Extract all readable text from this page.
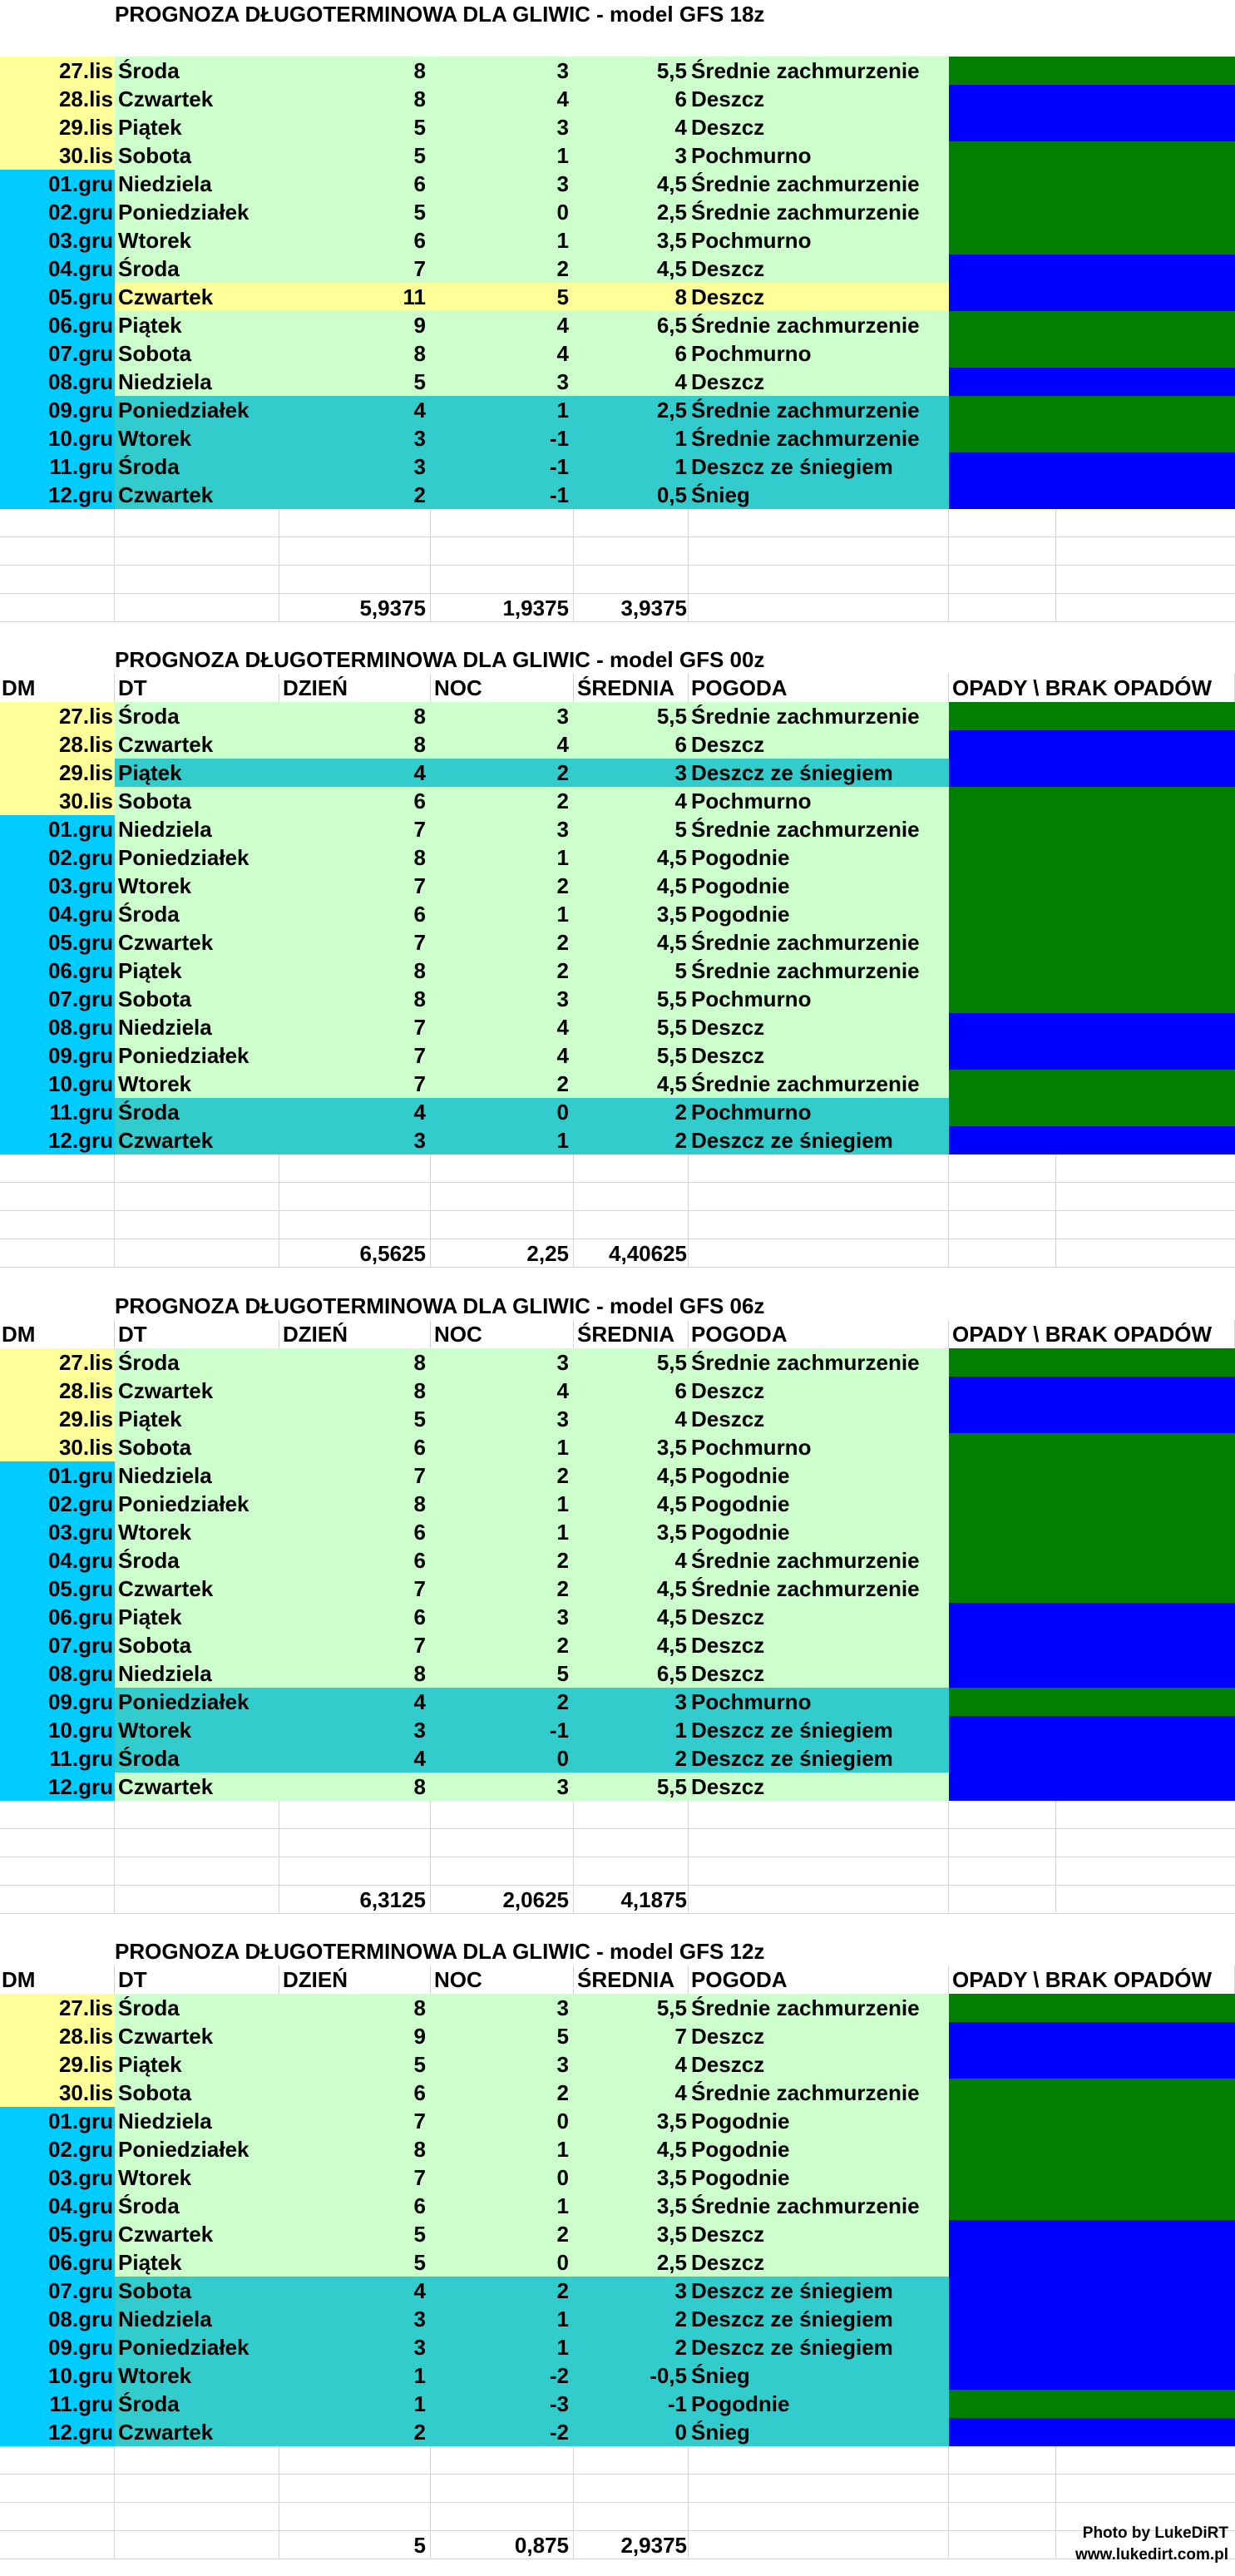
PROGNOZA DŁUGOTERMINOWA DLA GLIWIC - model GFS 18z
27.lis Środa	8	3	5,5 Średnie zachmurzenie
28.lis Czwartek	8	4	6 Deszcz
29.lis Piątek	5	3	4 Deszcz
30.lis Sobota	5	1	3 Pochmurno
01.gru Niedziela	6	3	4,5 Średnie zachmurzenie
02.gru Poniedziałek	5	0	2,5 Średnie zachmurzenie
03.gru Wtorek	6	1	3,5 Pochmurno
04.gru Środa	7	2	4,5 Deszcz
05.gru Czwartek	11	5	8 Deszcz
06.gru Piątek	9	4	6,5 Średnie zachmurzenie
07.gru Sobota	8	4	6 Pochmurno
08.gru Niedziela	5	3	4 Deszcz
09.gru Poniedziałek	4	1	2,5 Średnie zachmurzenie
10.gru Wtorek	3	-1	1 Średnie zachmurzenie
11.gru Środa	3	-1	1 Deszcz ze śniegiem
12.gru Czwartek	2	-1	0,5 Śnieg
5,9375	1,9375	3,9375
PROGNOZA DŁUGOTERMINOWA DLA GLIWIC - model GFS 00z
DM	DT	DZIEŃ	NOC	ŚREDNIA POGODA	OPADY \ BRAK OPADÓW
27.lis Środa	8	3	5,5 Średnie zachmurzenie
28.lis Czwartek	8	4	6 Deszcz
29.lis Piątek	4	2	3 Deszcz ze śniegiem
30.lis Sobota	6	2	4 Pochmurno
01.gru Niedziela	7	3	5 Średnie zachmurzenie
02.gru Poniedziałek	8	1	4,5 Pogodnie
03.gru Wtorek	7	2	4,5 Pogodnie
04.gru Środa	6	1	3,5 Pogodnie
05.gru Czwartek	7	2	4,5 Średnie zachmurzenie
06.gru Piątek	8	2	5 Średnie zachmurzenie
07.gru Sobota	8	3	5,5 Pochmurno
08.gru Niedziela	7	4	5,5 Deszcz
09.gru Poniedziałek	7	4	5,5 Deszcz
10.gru Wtorek	7	2	4,5 Średnie zachmurzenie
11.gru Środa	4	0	2 Pochmurno
12.gru Czwartek	3	1	2 Deszcz ze śniegiem
6,5625	2,25	4,40625
PROGNOZA DŁUGOTERMINOWA DLA GLIWIC - model GFS 06z
DM	DT	DZIEŃ	NOC	ŚREDNIA POGODA	OPADY \ BRAK OPADÓW
27.lis Środa	8	3	5,5 Średnie zachmurzenie
28.lis Czwartek	8	4	6 Deszcz
29.lis Piątek	5	3	4 Deszcz
30.lis Sobota	6	1	3,5 Pochmurno
01.gru Niedziela	7	2	4,5 Pogodnie
02.gru Poniedziałek	8	1	4,5 Pogodnie
03.gru Wtorek	6	1	3,5 Pogodnie
04.gru Środa	6	2	4 Średnie zachmurzenie
05.gru Czwartek	7	2	4,5 Średnie zachmurzenie
06.gru Piątek	6	3	4,5 Deszcz
07.gru Sobota	7	2	4,5 Deszcz
08.gru Niedziela	8	5	6,5 Deszcz
09.gru Poniedziałek	4	2	3 Pochmurno
10.gru Wtorek	3	-1	1 Deszcz ze śniegiem
11.gru Środa	4	0	2 Deszcz ze śniegiem
12.gru Czwartek	8	3	5,5 Deszcz
6,3125	2,0625	4,1875
PROGNOZA DŁUGOTERMINOWA DLA GLIWIC - model GFS 12z
DM	DT	DZIEŃ	NOC	ŚREDNIA POGODA	OPADY \ BRAK OPADÓW
27.lis Środa	8	3	5,5 Średnie zachmurzenie
28.lis Czwartek	9	5	7 Deszcz
29.lis Piątek	5	3	4 Deszcz
30.lis Sobota	6	2	4 Średnie zachmurzenie
01.gru Niedziela	7	0	3,5 Pogodnie
02.gru Poniedziałek	8	1	4,5 Pogodnie
03.gru Wtorek	7	0	3,5 Pogodnie
04.gru Środa	6	1	3,5 Średnie zachmurzenie
05.gru Czwartek	5	2	3,5 Deszcz
06.gru Piątek	5	0	2,5 Deszcz
07.gru Sobota	4	2	3 Deszcz ze śniegiem
08.gru Niedziela	3	1	2 Deszcz ze śniegiem
09.gru Poniedziałek	3	1	2 Deszcz ze śniegiem
10.gru Wtorek	1	-2	-0,5 Śnieg
11.gru Środa	1	-3	-1 Pogodnie
12.gru Czwartek	2	-2	0 Śnieg
5	0,875	2,9375	Photo by LukeDiRT
www.lukedirt.com.pl
